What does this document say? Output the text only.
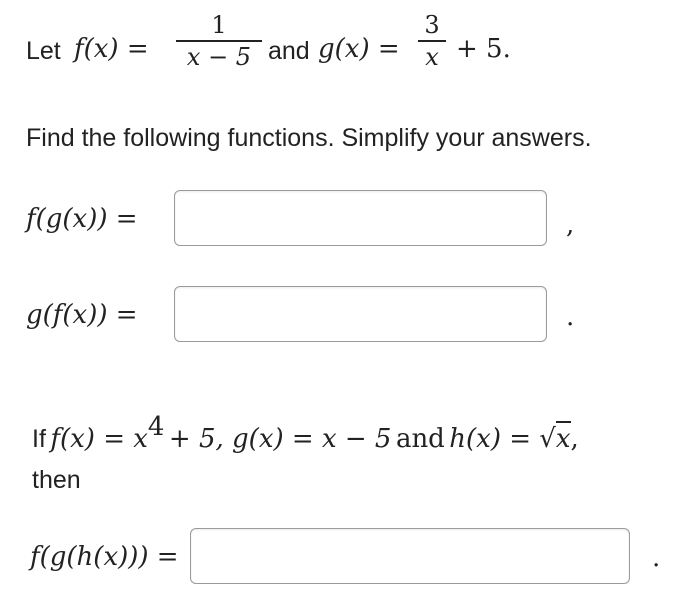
Let f(x) =
1
x − 5 and g(x) =
3
x + 5.
Find the following functions. Simplify your answers.
f(g(x)) =	,
g(f(x)) =	.
If $f(x) = x^4 + 5$, g(x) = x − 5 and h(x) = √x,
then
f(g(h(x))) =	.
